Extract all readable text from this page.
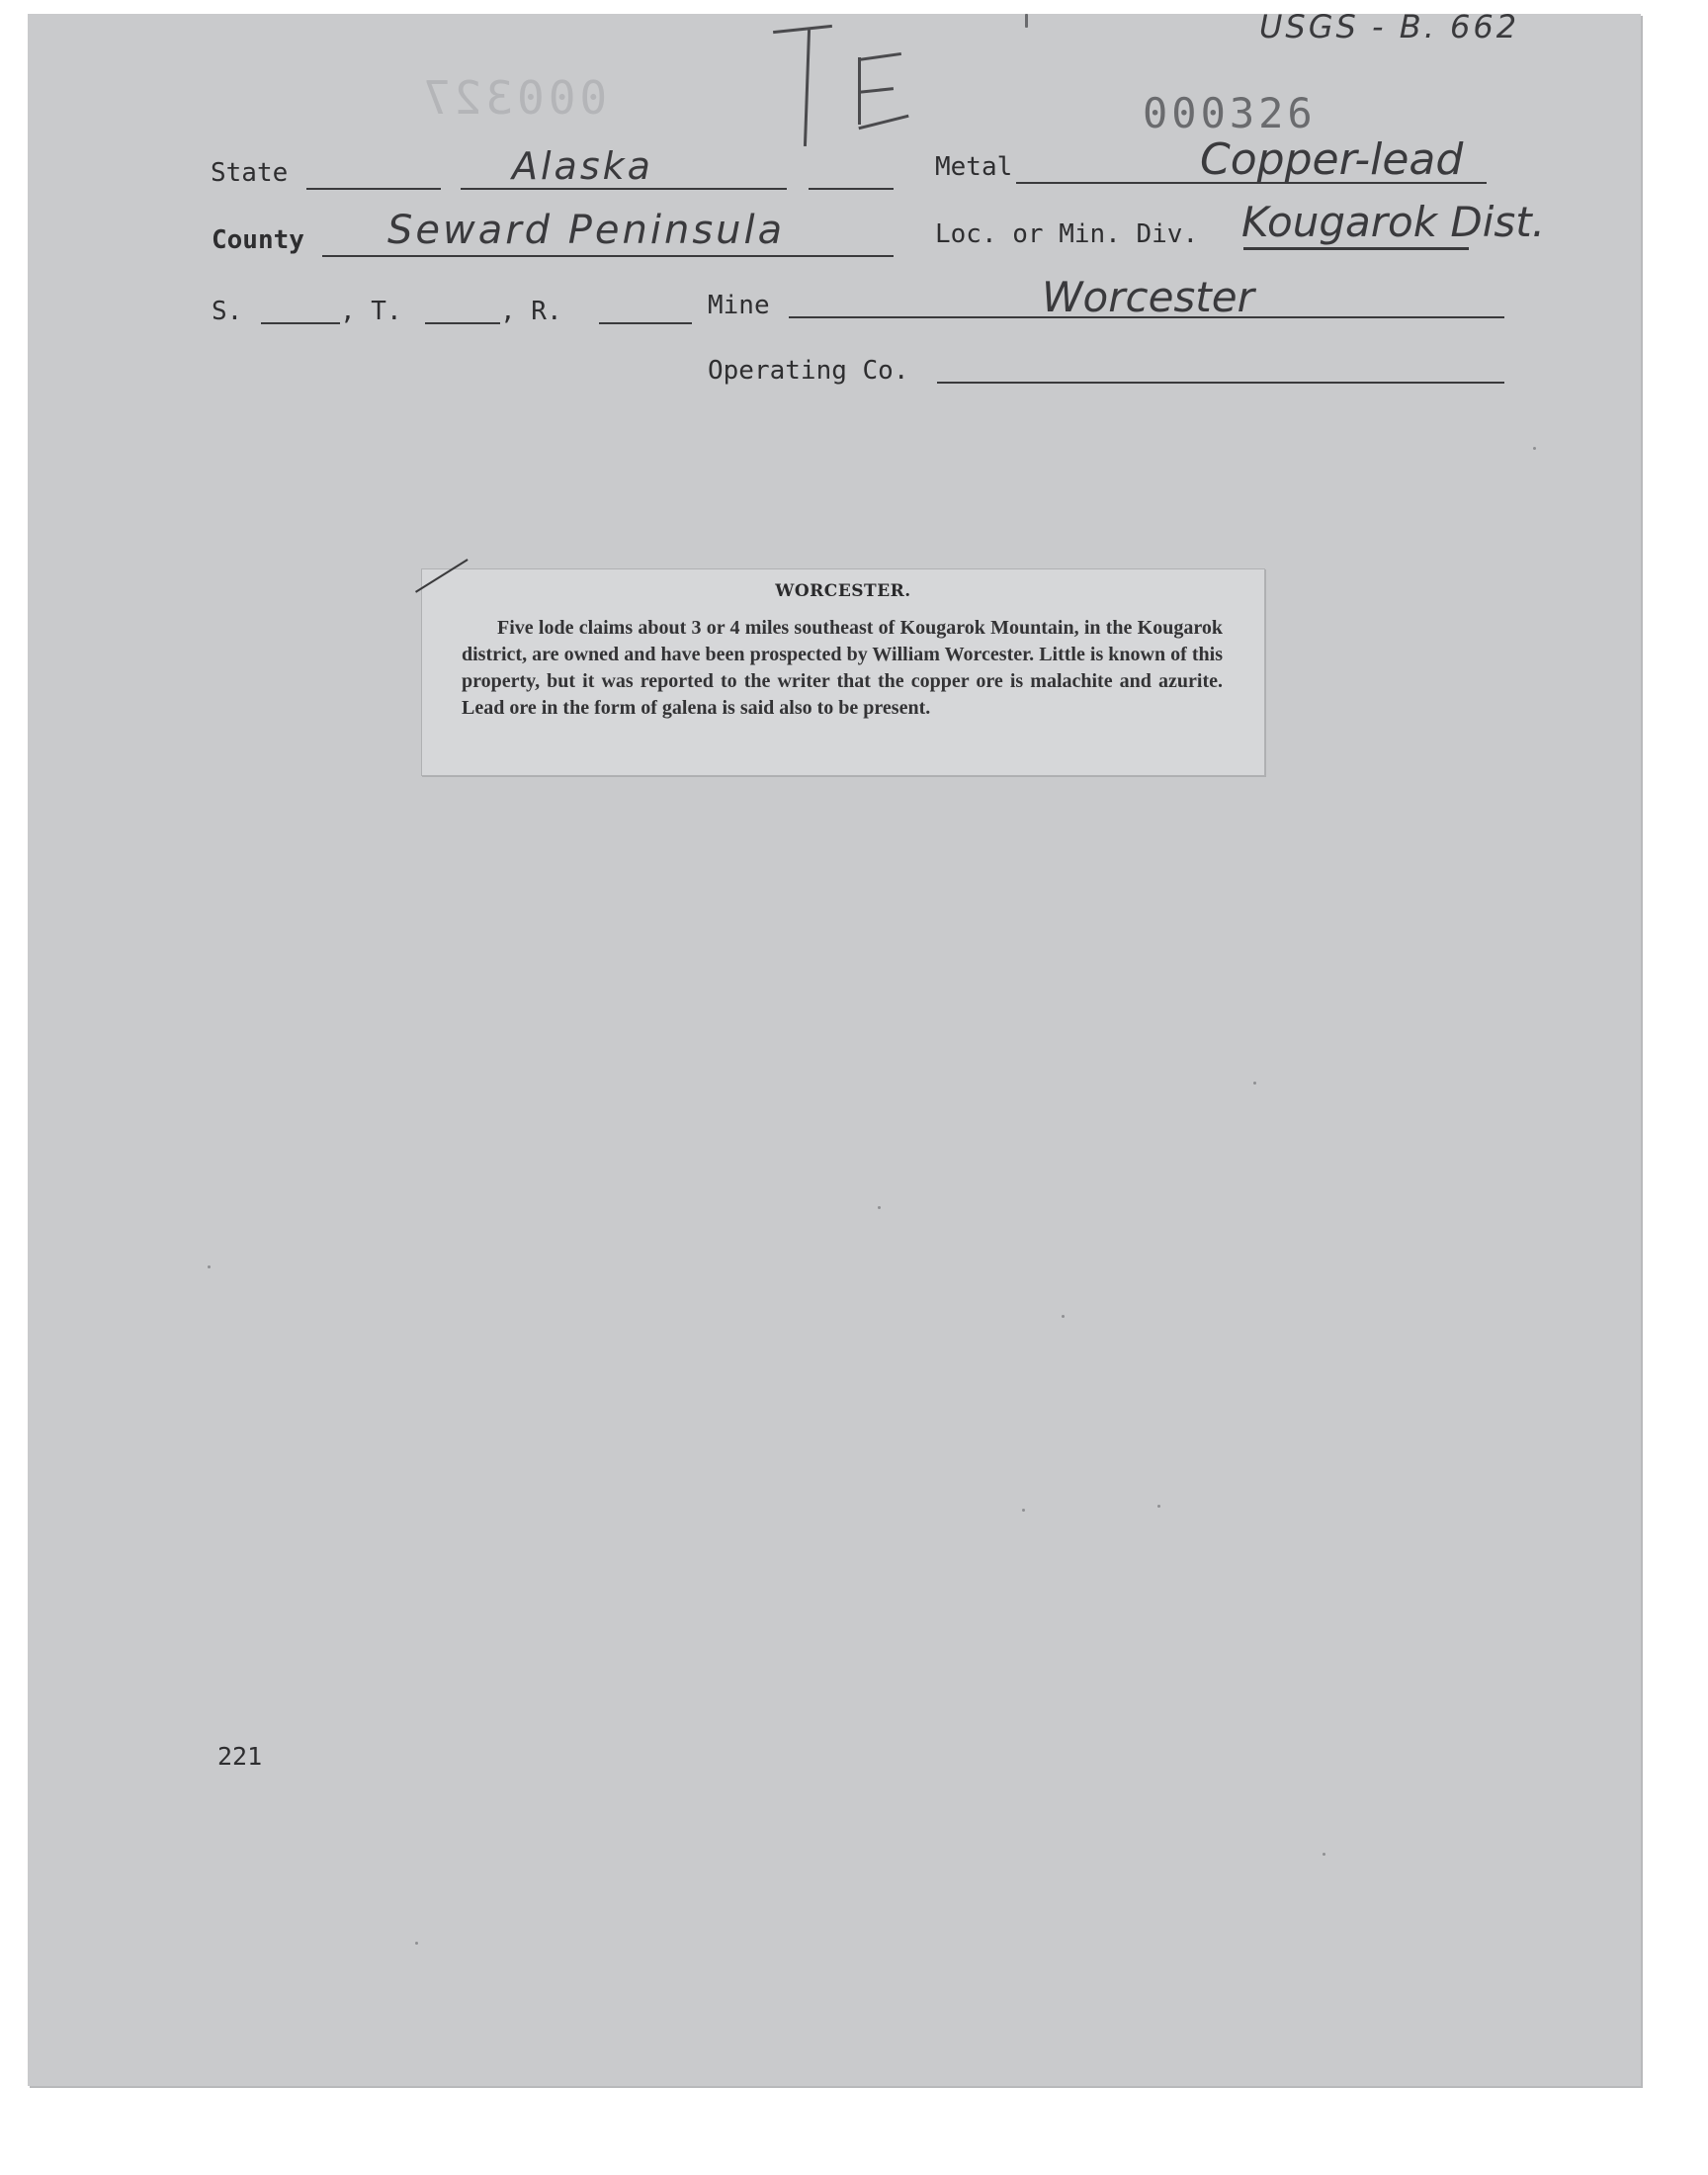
000327
USGS - B. 662
000326
State	Alaska	Metal	Copper-lead
County Seward Peninsula	Loc. or Min. Div. Kougarok Dist.
S.	, T.	, R.	Mine	Worcester
Operating Co.
WORCESTER.

Five lode claims about 3 or 4 miles southeast of Kougarok Mountain, in the Kougarok district, are owned and have been prospected by William Worcester. Little is known of this property, but it was reported to the writer that the copper ore is malachite and azurite. Lead ore in the form of galena is said also to be present.

221
